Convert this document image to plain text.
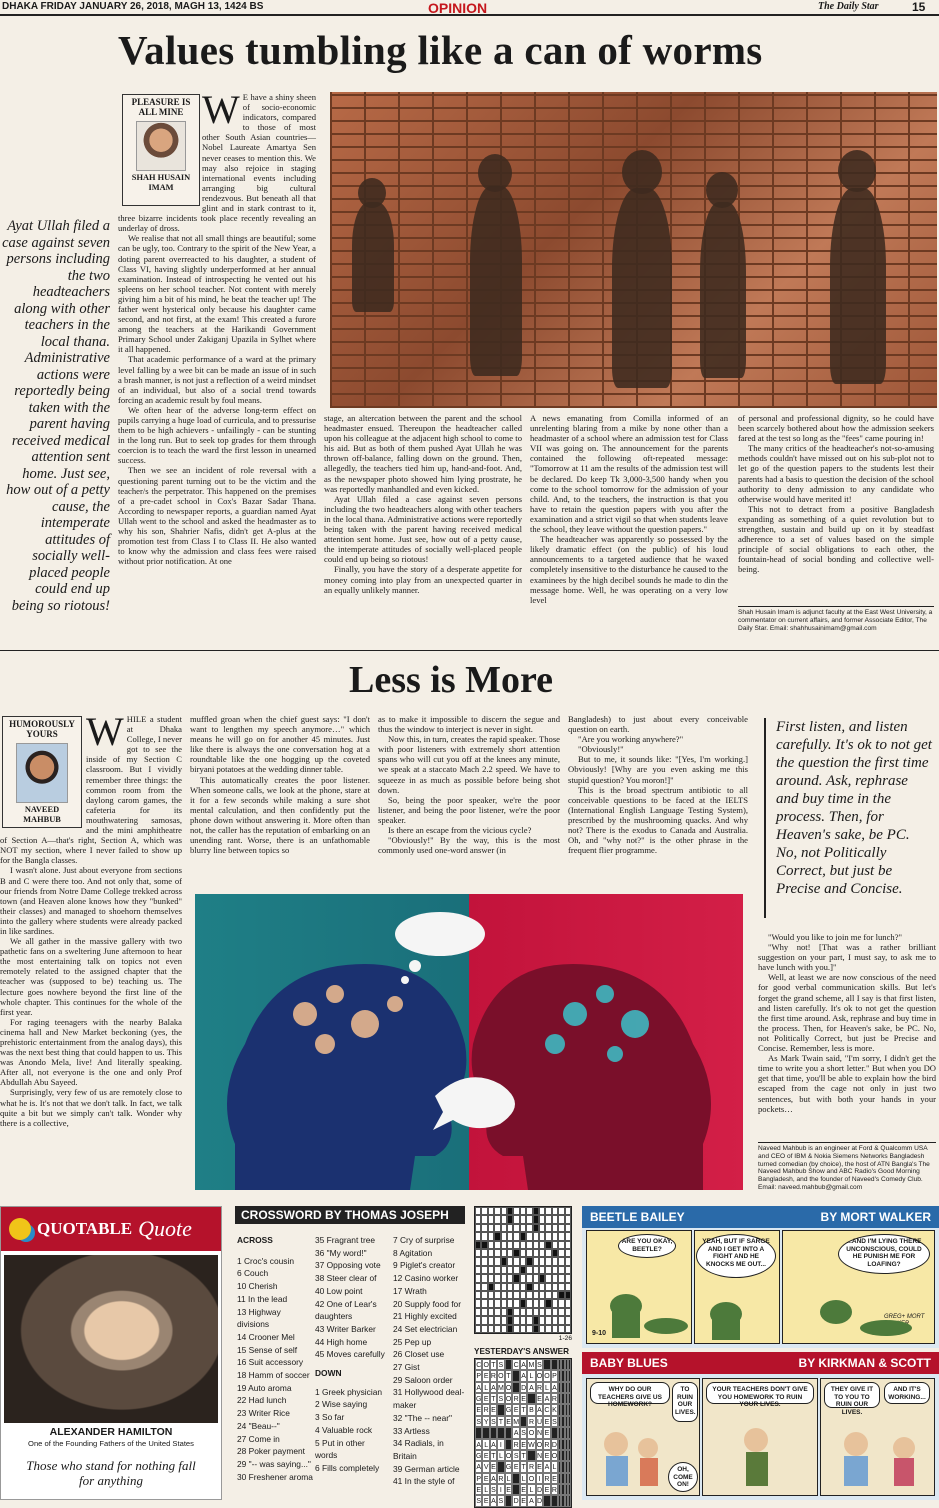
DHAKA FRIDAY JANUARY 26, 2018, MAGH 13, 1424 BS	OPINION	The Daily Star	15
Values tumbling like a can of worms
PLEASURE IS ALL MINE
SHAH HUSAIN IMAM
Ayat Ullah filed a case against seven persons including the two headteachers along with other teachers in the local thana. Administrative actions were reportedly being taken with the parent having received medical attention sent home. Just see, how out of a petty cause, the intemperate attitudes of socially well-placed people could end up being so riotous!

W E have a shiny sheen of socio-economic indicators, compared to those of most other South Asian countries—Nobel Laureate Amartya Sen never ceases to mention this. We may also rejoice in staging international events including arranging big cultural rendezvous. But beneath all that glint and in stark contrast to it, three bizarre incidents took place recently revealing an underlay of dross.

We realise that not all small things are beautiful; some can be ugly, too. Contrary to the spirit of the New Year, a doting parent overreacted to his daughter, a student of Class VI, having slightly underperformed at her annual examination. Instead of introspecting he vented out his spleens on her school teacher. Not content with merely giving him a bit of his mind, he beat the teacher up! The father went hysterical only because his daughter came second, and not first, at the exam! This created a furore among the teachers at the Harikandi Government Primary School under Zakiganj Upazila in Sylhet where it all happened.

That academic performance of a ward at the primary level falling by a wee bit can be made an issue of in such a brash manner, is not just a reflection of a weird mindset of an individual, but also of a social trend towards forcing an academic result by foul means.

We often hear of the adverse long-term effect on pupils carrying a huge load of curricula, and to pressurise them to be high achievers - unfailingly - can be stunting in the long run. But to seek top grades for them through coercion is to teach the ward the first lesson in unearned success.

Then we see an incident of role reversal with a questioning parent turning out to be the victim and the teacher/s the perpetrator. This happened on the premises of a pre-cadet school in Cox's Bazar Sadar Thana. According to newspaper reports, a guardian named Ayat Ullah went to the school and asked the headmaster as to why his son, Shahrier Nafis, didn't get A-plus at the promotion test from Class I to Class II. He also wanted to know why the admission and class fees were raised without prior notification. At one

stage, an altercation between the parent and the school headmaster ensued. Thereupon the headteacher called upon his colleague at the adjacent high school to come to his aid. But as both of them pushed Ayat Ullah he was thrown off-balance, falling down on the ground. Then, allegedly, the teachers tied him up, hand-and-foot. And, as the newspaper photo showed him lying prostrate, he was reportedly manhandled and even kicked.

Ayat Ullah filed a case against seven persons including the two headteachers along with other teachers in the local thana. Administrative actions were reportedly being taken with the parent having received medical attention sent home. Just see, how out of a petty cause, the intemperate attitudes of socially well-placed people could end up being so riotous!

Finally, you have the story of a desperate appetite for money coming into play from an unexpected quarter in an equally unlikely manner.

A news emanating from Comilla informed of an unrelenting blaring from a mike by none other than a headmaster of a school where an admission test for Class VII was going on. The announcement for the parents contained the following oft-repeated message: "Tomorrow at 11 am the results of the admission test will be declared. Do keep Tk 3,000-3,500 handy when you come to the school tomorrow for the admission of your child. And, to the teachers, the instruction is that you have to retain the question papers with you after the examination and a strict vigil so that when students leave the school, they leave without the question papers."

The headteacher was apparently so possessed by the likely dramatic effect (on the public) of his loud announcements to a targeted audience that he waxed completely insensitive to the disturbance he caused to the examinees by the high decibel sounds he made to din the message home. Well, he was operating on a very low level

of personal and professional dignity, so he could have been scarcely bothered about how the admission seekers fared at the test so long as the "fees" came pouring in!

The many critics of the headteacher's not-so-amusing methods couldn't have missed out on his sub-plot not to let go of the question papers to the students lest their parents had a basis to question the decision of the school authority to deny admission to any candidate who otherwise would have merited it!

This not to detract from a positive Bangladesh expanding as something of a quiet revolution but to strengthen, sustain and build up on it by steadfast adherence to a set of values based on the simple principle of social obligations to each other, the fountain-head of social bonding and collective well-being.

Shah Husain Imam is adjunct faculty at the East West University, a commentator on current affairs, and former Associate Editor, The Daily Star. Email: shahhusainimam@gmail.com
Less is More
HUMOROUSLY YOURS
NAVEED MAHBUB

WHILE a student at Dhaka College, I never got to see the inside of my Section C classroom. But I vividly remember three things: the common room from the daylong carom games, the cafeteria for its mouthwatering samosas, and the mini amphitheatre of Section A—that's right, Section A, which was NOT my section, where I never failed to show up for the Bangla classes.

I wasn't alone. Just about everyone from sections B and C were there too. And not only that, some of our friends from Notre Dame College trekked across town (and Heaven alone knows how they "bunked" their classes) and managed to shoehorn themselves into the gallery where students were already packed in like sardines.

We all gather in the massive gallery with two pathetic fans on a sweltering June afternoon to hear the most entertaining talk on topics not even remotely related to the assigned chapter that the teacher was (supposed to be) teaching us. The lecture goes nowhere beyond the first line of the whole chapter. This continues for the whole of the first year.

For raging teenagers with the nearby Balaka cinema hall and New Market beckoning (yes, the prehistoric entertainment from the analog days), this was the next best thing that could happen to us. This was Anondo Mela, live! And literally speaking. After all, not everyone is the one and only Prof Abdullah Abu Sayeed.

Surprisingly, very few of us are remotely close to what he is. It's not that we don't talk. In fact, we talk quite a bit but we simply can't talk. Wonder why there is a collective,

muffled groan when the chief guest says: "I don't want to lengthen my speech anymore…" which means he will go on for another 45 minutes. Just like there is always the one conversation hog at a roundtable like the one hogging up the coveted biryani potatoes at the wedding dinner table.

This automatically creates the poor listener. When someone calls, we look at the phone, stare at it for a few seconds while making a sure shot mental calculation, and then confidently put the phone down without answering it. More often than not, the caller has the reputation of embarking on an unending rant. Worse, there is an unfathomable blurry line between topics so

as to make it impossible to discern the segue and thus the window to interject is never in sight.

Now this, in turn, creates the rapid speaker. Those with poor listeners with extremely short attention spans who will cut you off at the knees any minute, we speak at a staccato Mach 2.2 speed. We have to squeeze in as much as possible before being shot down.

So, being the poor speaker, we're the poor listener, and being the poor listener, we're the poor speaker.

Is there an escape from the vicious cycle?

"Obviously!" By the way, this is the most commonly used one-word answer (in

Bangladesh) to just about every conceivable question on earth.

"Are you working anywhere?"

"Obviously!"

But to me, it sounds like: "[Yes, I'm working.] Obviously! [Why are you even asking me this stupid question? You moron!]"

This is the broad spectrum antibiotic to all conceivable questions to be faced at the IELTS (International English Language Testing System), prescribed by the mushrooming quacks. And why not? There is the exodus to Canada and Australia. Oh, and "why not?" is the other phrase in the frequent flier programme.

First listen, and listen carefully. It's ok to not get the question the first time around. Ask, rephrase and buy time in the process. Then, for Heaven's sake, be PC. No, not Politically Correct, but just be Precise and Concise.

"Would you like to join me for lunch?"

"Why not! [That was a rather brilliant suggestion on your part, I must say, to ask me to have lunch with you.]"

Well, at least we are now conscious of the need for good verbal communication skills. But let's forget the grand scheme, all I say is that first listen, and listen carefully. It's ok to not get the question the first time around. Ask, rephrase and buy time in the process. Then, for Heaven's sake, be PC. No, not Politically Correct, but just be Precise and Concise. Remember, less is more.

As Mark Twain said, "I'm sorry, I didn't get the time to write you a short letter." But when you DO get that time, you'll be able to explain how the bird escaped from the cage not only in just two sentences, but with both your hands in your pockets…

Naveed Mahbub is an engineer at Ford & Qualcomm USA and CEO of IBM & Nokia Siemens Networks Bangladesh turned comedian (by choice), the host of ATN Bangla's The Naveed Mahbub Show and ABC Radio's Good Morning Bangladesh, and the founder of Naveed's Comedy Club. Email: naveed.mahbub@gmail.com
QUOTABLE Quote
ALEXANDER HAMILTON
One of the Founding Fathers of the United States
Those who stand for nothing fall for anything
CROSSWORD BY THOMAS JOSEPH
ACROSS
1 Croc's cousin
6 Couch
10 Cherish
11 In the lead
13 Highway divisions
14 Crooner Mel
15 Sense of self
16 Suit accessory
18 Hamm of soccer
19 Auto aroma
22 Had lunch
23 Writer Rice
24 "Beau--"
27 Come in
28 Poker payment
29 "-- was saying..."
30 Freshener aroma
35 Fragrant tree
36 "My word!"
37 Opposing vote
38 Steer clear of
40 Low point
42 One of Lear's daughters
43 Writer Barker
44 High home
45 Moves carefully
DOWN
1 Greek physician
2 Wise saying
3 So far
4 Valuable rock
5 Put in other words
6 Fills completely
7 Cry of surprise
8 Agitation
9 Piglet's creator
12 Casino worker
17 Wrath
20 Supply food for
21 Highly excited
24 Set electrician
25 Pep up
26 Closet use
27 Gist
29 Saloon order
31 Hollywood deal-maker
32 "The -- near"
33 Artless
34 Radials, in Britain
39 German article
41 In the style of
1-26
YESTERDAY'S ANSWER
C O T S C A M S
P E R O T A L O O P
A L A M O D A R L A
G E T S O R E E A R
E R E G E T B A C K
S Y S T E M R U E S
A S O N E
A L A I	R E W O R D
G E T L O S T N E O
A V E G E T R E A L
P E A R L L O I R E
E L S I E E L D E R
S E A S D E A D
BEETLE BAILEY	BY MORT WALKER
ARE YOU OKAY, BEETLE?
YEAH, BUT IF SARGE AND I GET INTO A FIGHT AND HE KNOCKS ME OUT...
...AND I'M LYING THERE UNCONSCIOUS, COULD HE PUNISH ME FOR LOAFING?
9-10
GREG+ MORT
BABY BLUES	BY KIRKMAN & SCOTT
WHY DO OUR TEACHERS GIVE US HOMEWORK?
TO RUIN OUR LIVES.
YOUR TEACHERS DON'T GIVE YOU HOMEWORK TO RUIN YOUR LIVES.
THEY GIVE IT TO YOU TO RUIN OUR LIVES.
AND IT'S WORKING...
OH, COME ON!
